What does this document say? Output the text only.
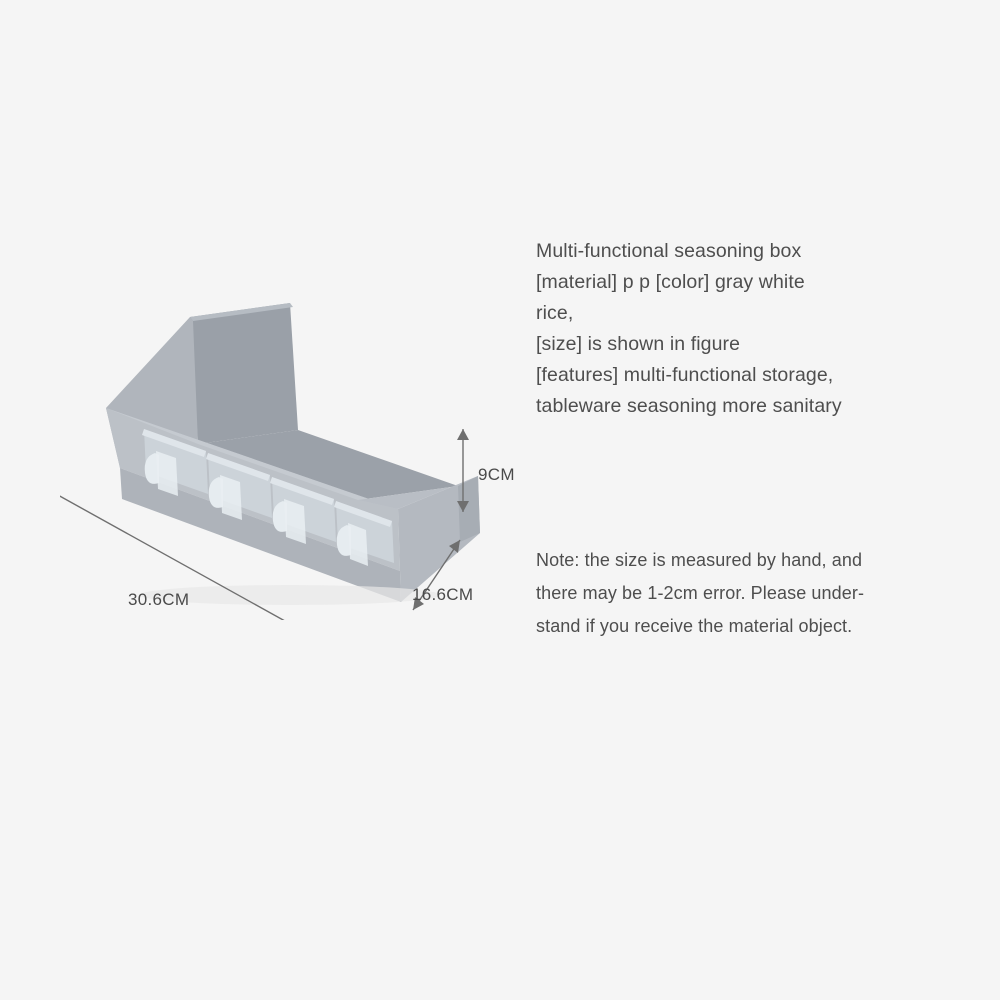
30.6CM	16.6CM
9CM
Multi-functional seasoning box
[material] p p [color] gray white
rice,
[size] is shown in figure
[features] multi-functional storage,
tableware seasoning more sanitary
Note: the size is measured by hand, and
there may be 1-2cm error. Please under-
stand if you receive the material object.
